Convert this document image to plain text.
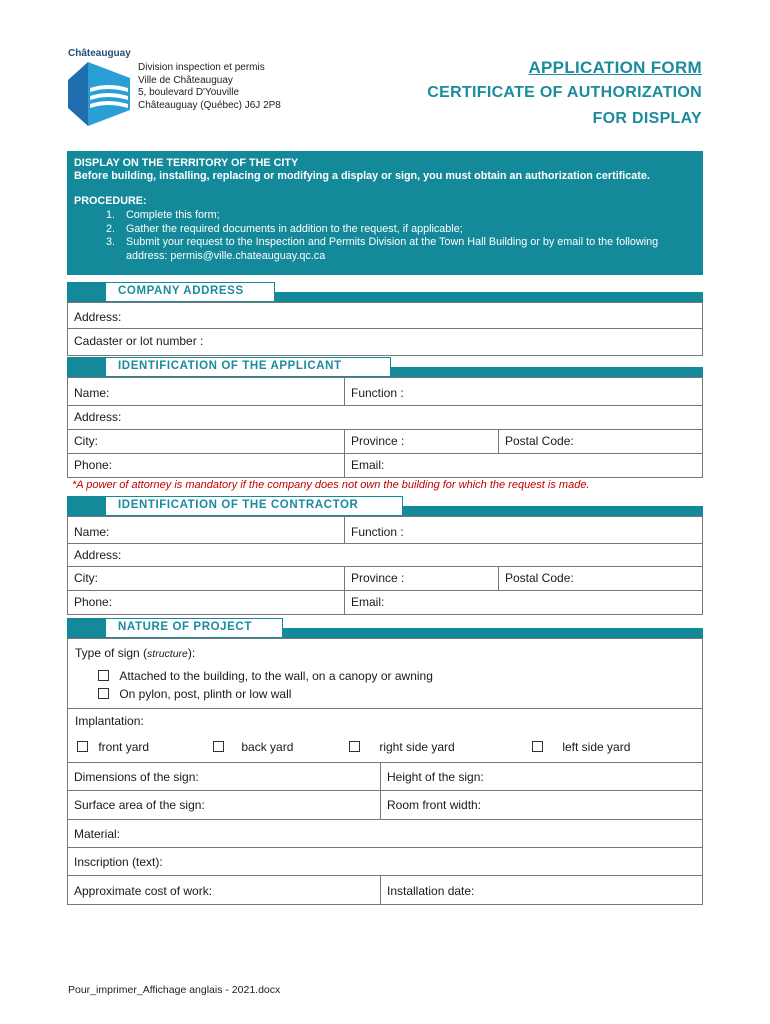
Châteauguay
Division inspection et permis
Ville de Châteauguay
5, boulevard D'Youville
Châteauguay (Québec) J6J 2P8
APPLICATION FORM
CERTIFICATE OF AUTHORIZATION
FOR DISPLAY
DISPLAY ON THE TERRITORY OF THE CITY
Before building, installing, replacing or modifying a display or sign, you must obtain an authorization certificate.
PROCEDURE:
1. Complete this form;
2. Gather the required documents in addition to the request, if applicable;
3. Submit your request to the Inspection and Permits Division at the Town Hall Building or by email to the following address: permis@ville.chateauguay.qc.ca
COMPANY ADDRESS
Address:
Cadaster or lot number :
IDENTIFICATION OF THE APPLICANT
Name:	Function :
Address:
City:	Province :	Postal Code:
Phone:	Email:
*A power of attorney is mandatory if the company does not own the building for which the request is made.
IDENTIFICATION OF THE CONTRACTOR
Name:	Function :
Address:
City:	Province :	Postal Code:
Phone:	Email:
NATURE OF PROJECT
Type of sign (structure):
Attached to the building, to the wall, on a canopy or awning
On pylon, post, plinth or low wall
Implantation:
front yard	back yard	right side yard	left side yard
Dimensions of the sign:	Height of the sign:
Surface area of the sign:	Room front width:
Material:
Inscription (text):
Approximate cost of work:	Installation date:
Pour_imprimer_Affichage anglais - 2021.docx
